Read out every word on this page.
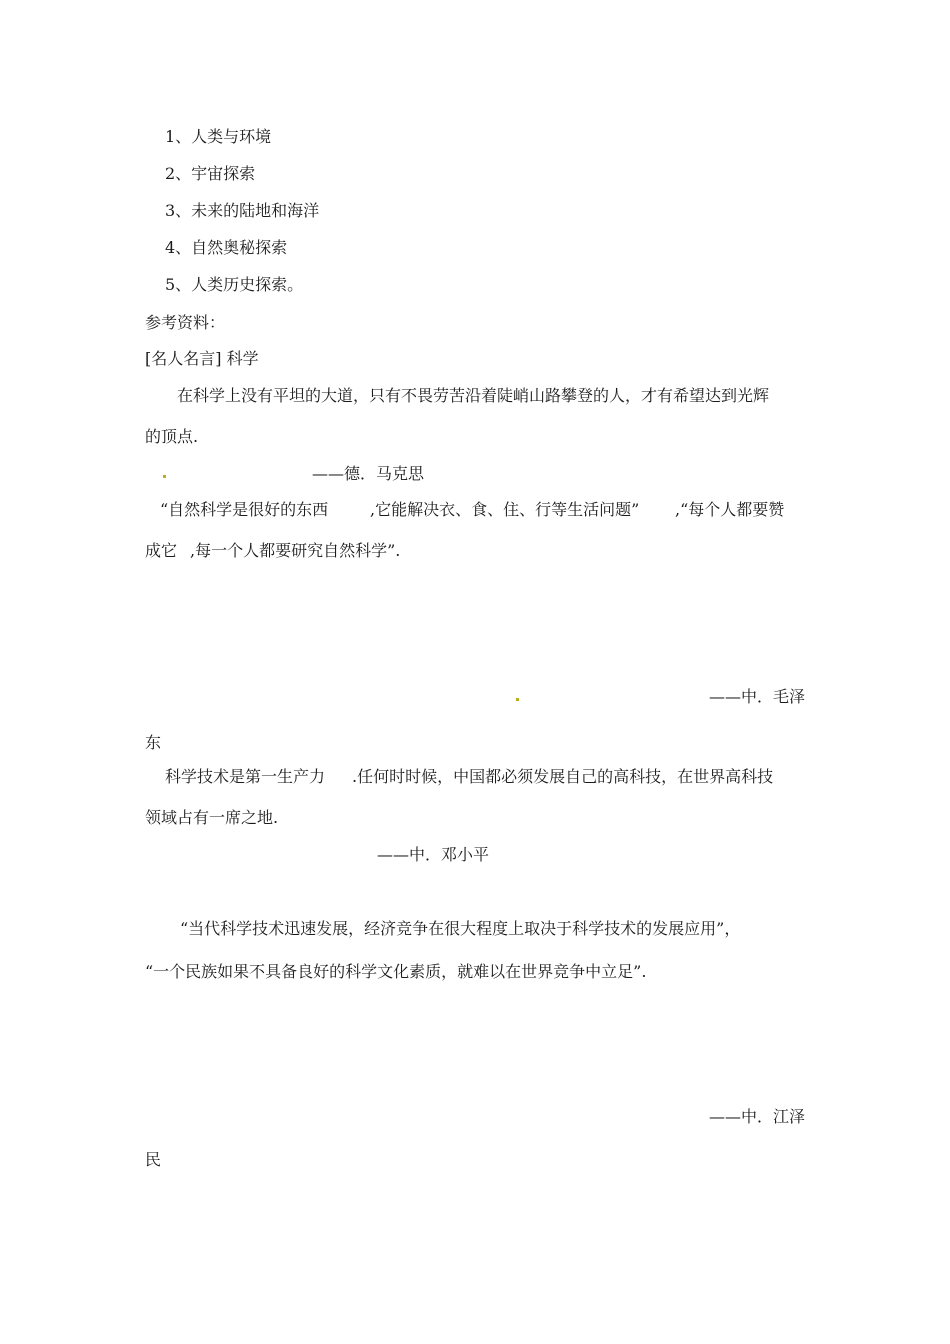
1、人类与环境
2、宇宙探索
3、未来的陆地和海洋
4、自然奥秘探索
5、人类历史探索。
参考资料：
[名人名言] 科学
在科学上没有平坦的大道，只有不畏劳苦沿着陡峭山路攀登的人，才有希望达到光辉
的顶点.
——德．马克思
“自然科学是很好的东西	,它能解决衣、食、住、行等生活问题” ,“每个人都要赞
成它 ,每一个人都要研究自然科学”.
——中．毛泽
东
科学技术是第一生产力 .任何时时候，中国都必须发展自己的高科技，在世界高科技
领域占有一席之地.
——中．邓小平
“当代科学技术迅速发展，经济竞争在很大程度上取决于科学技术的发展应用”，
“一个民族如果不具备良好的科学文化素质，就难以在世界竞争中立足”.
——中．江泽
民
